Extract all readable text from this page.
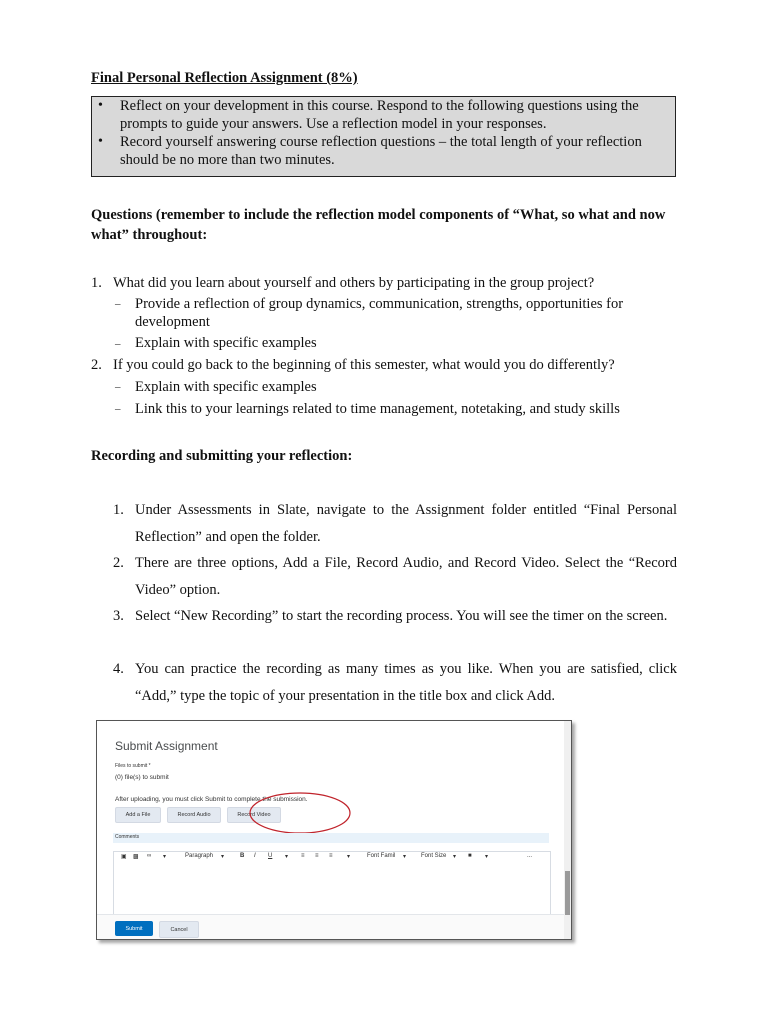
Final Personal Reflection Assignment (8%)
• Reflect on your development in this course. Respond to the following questions using the prompts to guide your answers. Use a reflection model in your responses.
• Record yourself answering course reflection questions – the total length of your reflection should be no more than two minutes.
Questions (remember to include the reflection model components of “What, so what and now what” throughout:
1. What did you learn about yourself and others by participating in the group project?
– Provide a reflection of group dynamics, communication, strengths, opportunities for
development
– Explain with specific examples
2. If you could go back to the beginning of this semester, what would you do differently?
– Explain with specific examples
– Link this to your learnings related to time management, notetaking, and study skills
Recording and submitting your reflection:
1. Under Assessments in Slate, navigate to the Assignment folder entitled “Final Personal Reflection” and open the folder.
2. There are three options, Add a File, Record Audio, and Record Video. Select the “Record Video” option.
3. Select “New Recording” to start the recording process. You will see the timer on the screen.
4. You can practice the recording as many times as you like. When you are satisfied, click “Add,” type the topic of your presentation in the title box and click Add.
Submit Assignment
Files to submit *
(0) file(s) to submit
After uploading, you must click Submit to complete the submission.
Add a File	Record Audio	Record Video
Comments
▣ ▩ ∞ ▾	Paragraph ▾	B I U ▾ ≡ ≡ ≡ ▾	Font Famil ▾ Font Size ▾ ■ ▾	...
Submit	Cancel
